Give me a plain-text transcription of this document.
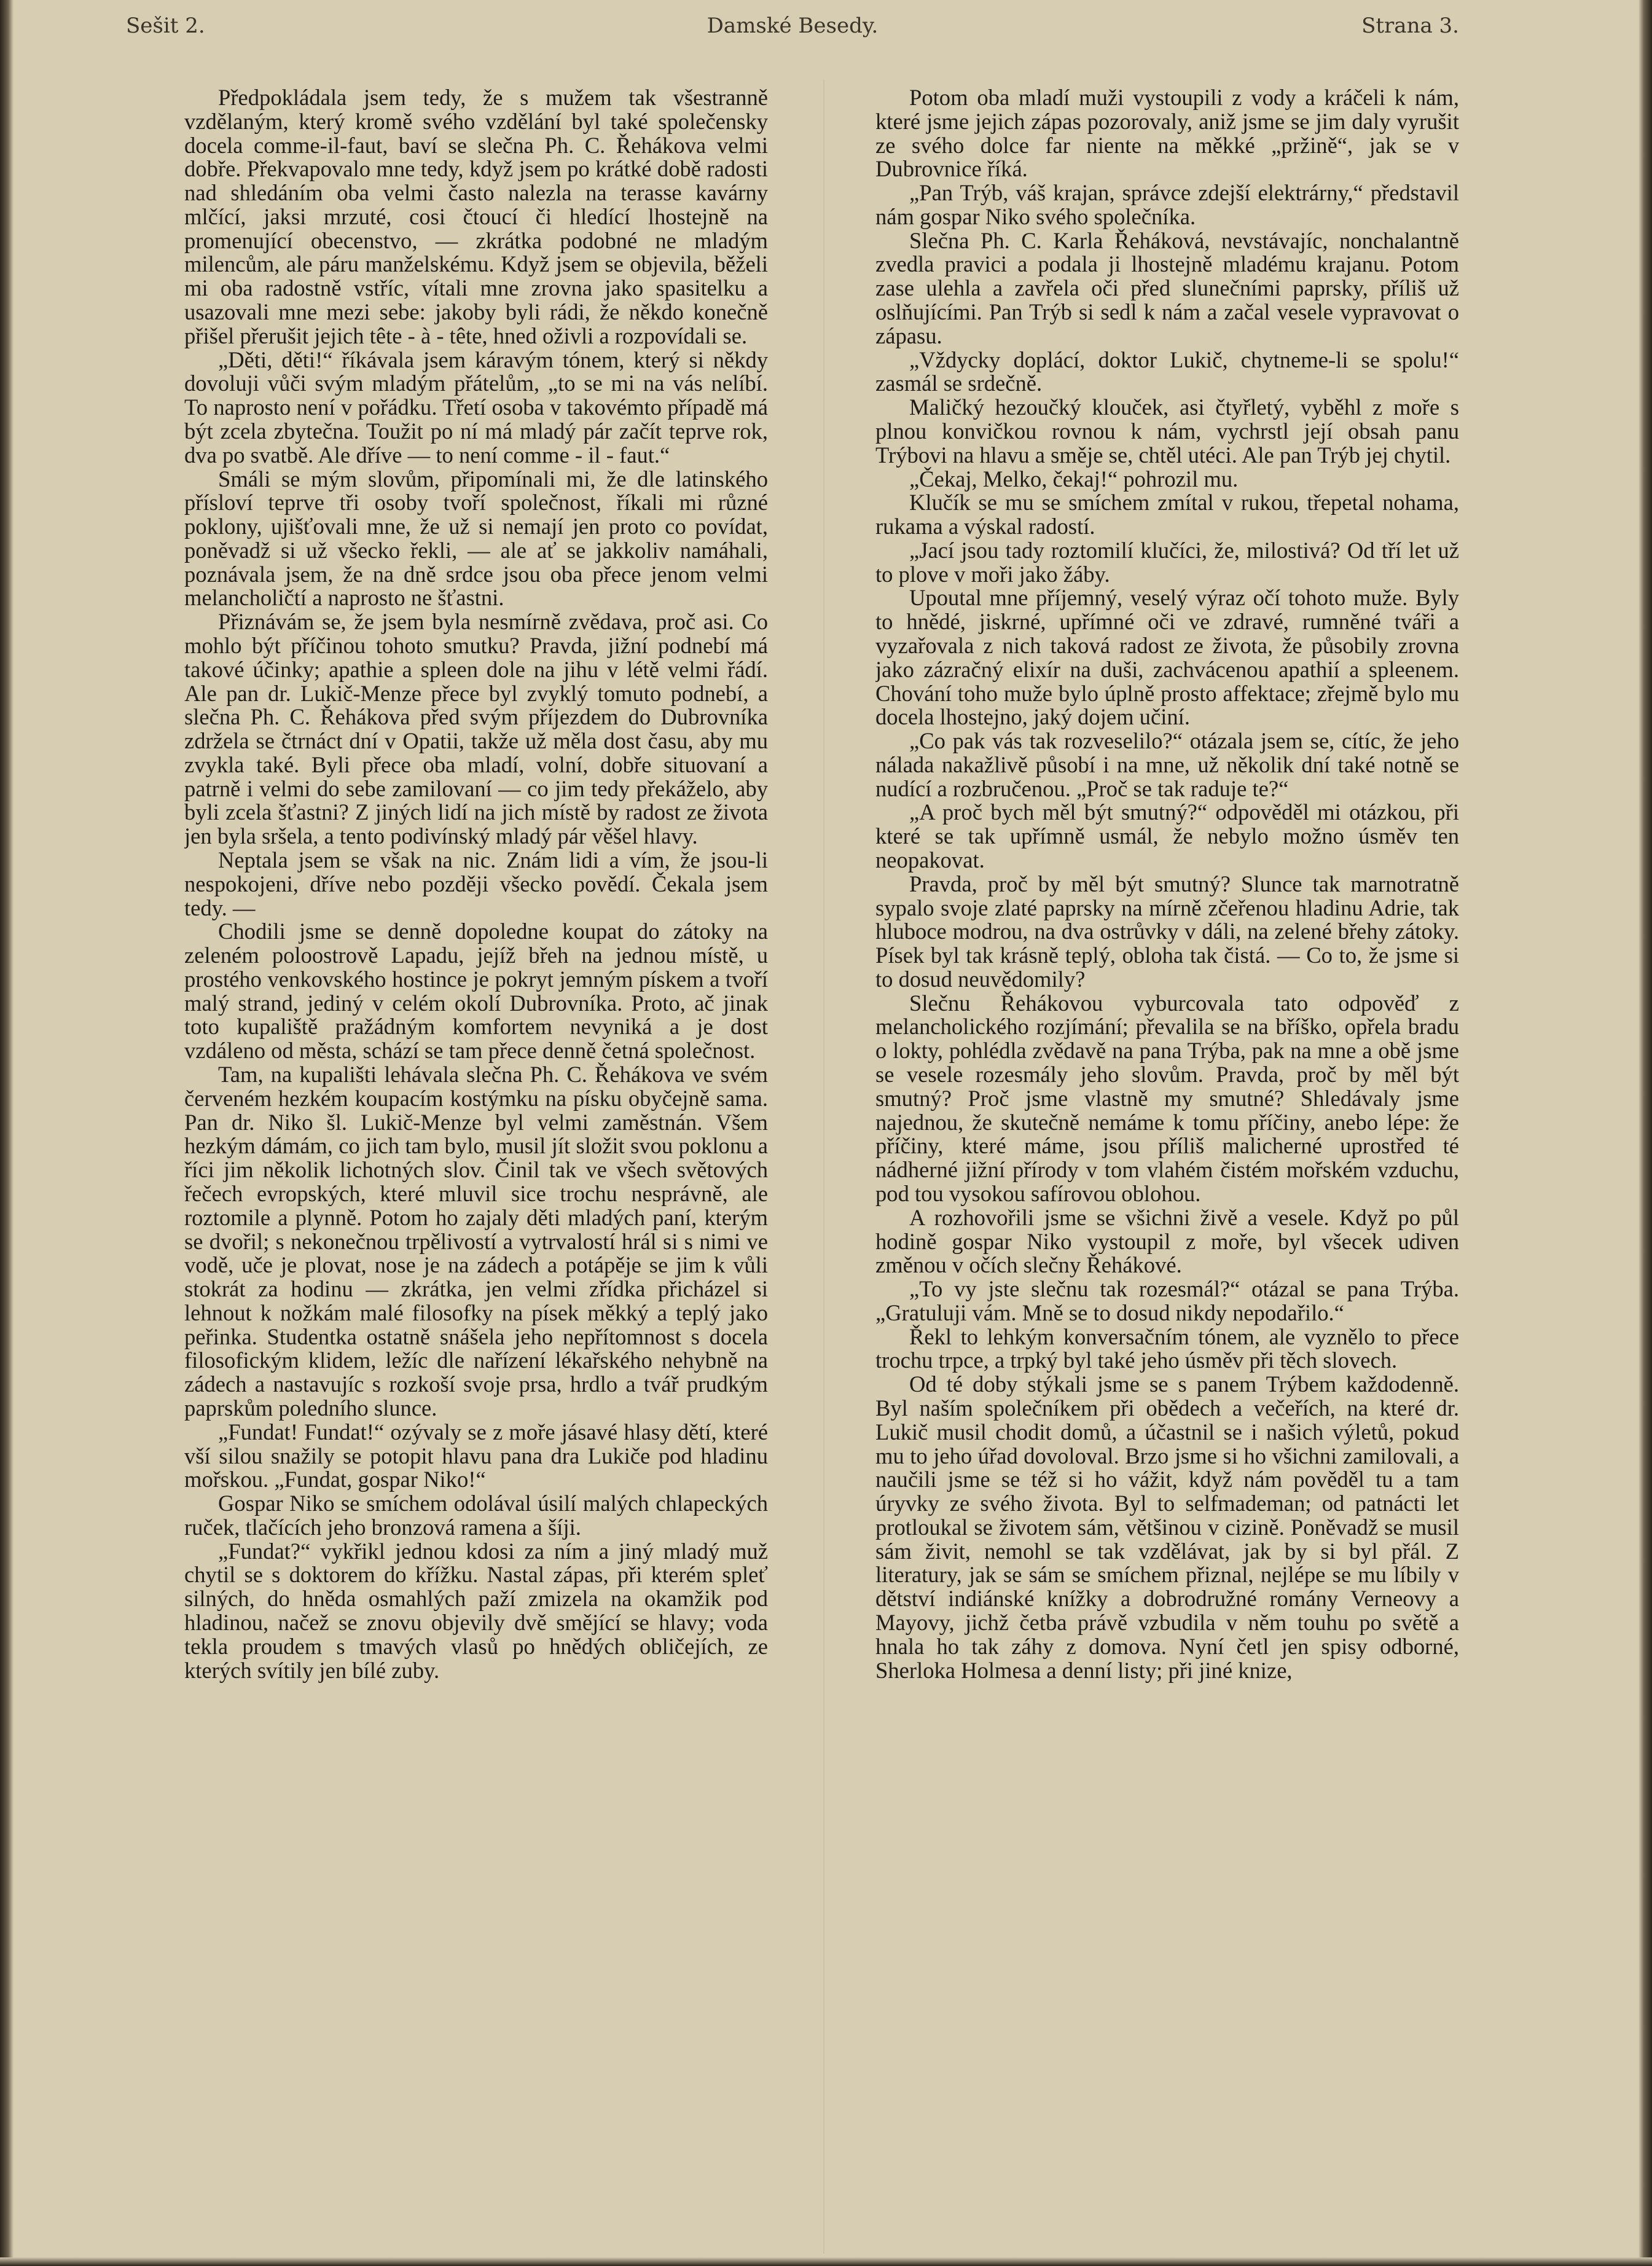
Sešit 2.	Damské Besedy.	Strana 3.

Předpokládala jsem tedy, že s mužem tak všestranně vzdělaným, který kromě svého vzdělání byl také společensky docela comme-il-faut, baví se slečna Ph. C. Řehákova velmi dobře. Překvapovalo mne tedy, když jsem po krátké době radosti nad shledáním oba velmi často nalezla na terasse kavárny mlčící, jaksi mrzuté, cosi čtoucí či hledící lhostejně na promenující obecenstvo, — zkrátka podobné ne mladým milencům, ale páru manželskému. Když jsem se objevila, běželi mi oba radostně vstříc, vítali mne zrovna jako spasitelku a usazovali mne mezi sebe: jakoby byli rádi, že někdo konečně přišel přerušit jejich tête - à - tête, hned oživli a rozpovídali se.

„Děti, děti!“ říkávala jsem káravým tónem, který si někdy dovoluji vůči svým mladým přátelům, „to se mi na vás nelíbí. To naprosto není v pořádku. Třetí osoba v takovémto případě má být zcela zbytečna. Toužit po ní má mladý pár začít teprve rok, dva po svatbě. Ale dříve — to není comme - il - faut.“

Smáli se mým slovům, připomínali mi, že dle latinského přísloví teprve tři osoby tvoří společnost, říkali mi různé poklony, ujišťovali mne, že už si nemají jen proto co povídat, poněvadž si už všecko řekli, — ale ať se jakkoliv namáhali, poznávala jsem, že na dně srdce jsou oba přece jenom velmi melancholičtí a naprosto ne šťastni.

Přiznávám se, že jsem byla nesmírně zvědava, proč asi. Co mohlo být příčinou tohoto smutku? Pravda, jižní podnebí má takové účinky; apathie a spleen dole na jihu v létě velmi řádí. Ale pan dr. Lukič-Menze přece byl zvyklý tomuto podnebí, a slečna Ph. C. Řehákova před svým příjezdem do Dubrovníka zdržela se čtrnáct dní v Opatii, takže už měla dost času, aby mu zvykla také. Byli přece oba mladí, volní, dobře situovaní a patrně i velmi do sebe zamilovaní — co jim tedy překáželo, aby byli zcela šťastni? Z jiných lidí na jich místě by radost ze života jen byla sršela, a tento podivínský mladý pár věšel hlavy.

Neptala jsem se však na nic. Znám lidi a vím, že jsou-li nespokojeni, dříve nebo později všecko povědí. Čekala jsem tedy. —

Chodili jsme se denně dopoledne koupat do zátoky na zeleném poloostrově Lapadu, jejíž břeh na jednou místě, u prostého venkovského hostince je pokryt jemným pískem a tvoří malý strand, jediný v celém okolí Dubrovníka. Proto, ač jinak toto kupaliště pražádným komfortem nevyniká a je dost vzdáleno od města, schází se tam přece denně četná společnost.

Tam, na kupališti lehávala slečna Ph. C. Řehákova ve svém červeném hezkém koupacím kostýmku na písku obyčejně sama. Pan dr. Niko šl. Lukič-Menze byl velmi zaměstnán. Všem hezkým dámám, co jich tam bylo, musil jít složit svou poklonu a říci jim několik lichotných slov. Činil tak ve všech světových řečech evropských, které mluvil sice trochu nesprávně, ale roztomile a plynně. Potom ho zajaly děti mladých paní, kterým se dvořil; s nekonečnou trpělivostí a vytrvalostí hrál si s nimi ve vodě, uče je plovat, nose je na zádech a potápěje se jim k vůli stokrát za hodinu — zkrátka, jen velmi zřídka přicházel si lehnout k nožkám malé filosofky na písek měkký a teplý jako peřinka. Studentka ostatně snášela jeho nepřítomnost s docela filosofickým klidem, ležíc dle nařízení lékařského nehybně na zádech a nastavujíc s rozkoší svoje prsa, hrdlo a tvář prudkým paprskům poledního slunce.

„Fundat! Fundat!“ ozývaly se z moře jásavé hlasy dětí, které vší silou snažily se potopit hlavu pana dra Lukiče pod hladinu mořskou. „Fundat, gospar Niko!“

Gospar Niko se smíchem odolával úsilí malých chlapeckých ruček, tlačících jeho bronzová ramena a šíji.

„Fundat?“ vykřikl jednou kdosi za ním a jiný mladý muž chytil se s doktorem do křížku. Nastal zápas, při kterém spleť silných, do hněda osmahlých paží zmizela na okamžik pod hladinou, načež se znovu objevily dvě smějící se hlavy; voda tekla proudem s tmavých vlasů po hnědých obličejích, ze kterých svítily jen bílé zuby.

Potom oba mladí muži vystoupili z vody a kráčeli k nám, které jsme jejich zápas pozorovaly, aniž jsme se jim daly vyrušit ze svého dolce far niente na měkké „pržině“, jak se v Dubrovnice říká.

„Pan Trýb, váš krajan, správce zdejší elektrárny,“ představil nám gospar Niko svého společníka.

Slečna Ph. C. Karla Řeháková, nevstávajíc, nonchalantně zvedla pravici a podala ji lhostejně mladému krajanu. Potom zase ulehla a zavřela oči před slunečními paprsky, příliš už oslňujícími. Pan Trýb si sedl k nám a začal vesele vypravovat o zápasu.

„Vždycky doplácí, doktor Lukič, chytneme-li se spolu!“ zasmál se srdečně.

Maličký hezoučký klouček, asi čtyřletý, vyběhl z moře s plnou konvičkou rovnou k nám, vychrstl její obsah panu Trýbovi na hlavu a směje se, chtěl utéci. Ale pan Trýb jej chytil.

„Čekaj, Melko, čekaj!“ pohrozil mu.

Klučík se mu se smíchem zmítal v rukou, třepetal nohama, rukama a výskal radostí.

„Jací jsou tady roztomilí klučíci, že, milostivá? Od tří let už to plove v moři jako žáby.

Upoutal mne příjemný, veselý výraz očí tohoto muže. Byly to hnědé, jiskrné, upřímné oči ve zdravé, rumněné tváři a vyzařovala z nich taková radost ze života, že působily zrovna jako zázračný elixír na duši, zachvácenou apathií a spleenem. Chování toho muže bylo úplně prosto affektace; zřejmě bylo mu docela lhostejno, jaký dojem učiní.

„Co pak vás tak rozveselilo?“ otázala jsem se, cítíc, že jeho nálada nakažlivě působí i na mne, už několik dní také notně se nudící a rozbručenou. „Proč se tak raduje te?“

„A proč bych měl být smutný?“ odpověděl mi otázkou, při které se tak upřímně usmál, že nebylo možno úsměv ten neopakovat.

Pravda, proč by měl být smutný? Slunce tak marnotratně sypalo svoje zlaté paprsky na mírně zčeřenou hladinu Adrie, tak hluboce modrou, na dva ostrůvky v dáli, na zelené břehy zátoky. Písek byl tak krásně teplý, obloha tak čistá. — Co to, že jsme si to dosud neuvědomily?

Slečnu Řehákovou vyburcovala tato odpověď z melancholického rozjímání; převalila se na bříško, opřela bradu o lokty, pohlédla zvědavě na pana Trýba, pak na mne a obě jsme se vesele rozesmály jeho slovům. Pravda, proč by měl být smutný? Proč jsme vlastně my smutné? Shledávaly jsme najednou, že skutečně nemáme k tomu příčiny, anebo lépe: že příčiny, které máme, jsou příliš malicherné uprostřed té nádherné jižní přírody v tom vlahém čistém mořském vzduchu, pod tou vysokou safírovou oblohou.

A rozhovořili jsme se všichni živě a vesele. Když po půl hodině gospar Niko vystoupil z moře, byl všecek udiven změnou v očích slečny Řehákové.

„To vy jste slečnu tak rozesmál?“ otázal se pana Trýba. „Gratuluji vám. Mně se to dosud nikdy nepodařilo.“

Řekl to lehkým konversačním tónem, ale vyznělo to přece trochu trpce, a trpký byl také jeho úsměv při těch slovech.

Od té doby stýkali jsme se s panem Trýbem každodenně. Byl naším společníkem při obědech a večeřích, na které dr. Lukič musil chodit domů, a účastnil se i našich výletů, pokud mu to jeho úřad dovoloval. Brzo jsme si ho všichni zamilovali, a naučili jsme se též si ho vážit, když nám pověděl tu a tam úryvky ze svého života. Byl to selfmademan; od patnácti let protloukal se životem sám, většinou v cizině. Poněvadž se musil sám živit, nemohl se tak vzdělávat, jak by si byl přál. Z literatury, jak se sám se smíchem přiznal, nejlépe se mu líbily v dětství indiánské knížky a dobrodružné romány Verneovy a Mayovy, jichž četba právě vzbudila v něm touhu po světě a hnala ho tak záhy z domova. Nyní četl jen spisy odborné, Sherloka Holmesa a denní listy; při jiné knize,
